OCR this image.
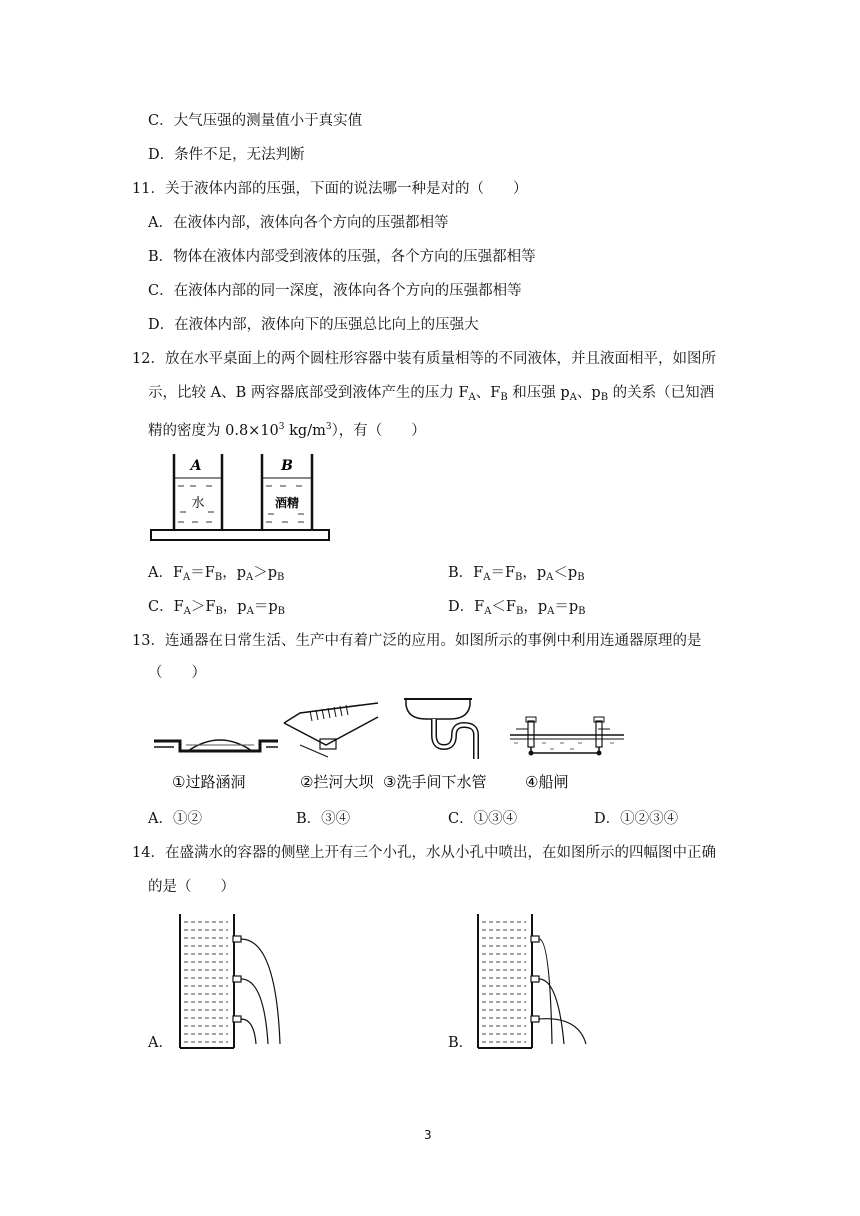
C．大气压强的测量值小于真实值
D．条件不足，无法判断
11．关于液体内部的压强，下面的说法哪一种是对的（　　）
A．在液体内部，液体向各个方向的压强都相等
B．物体在液体内部受到液体的压强，各个方向的压强都相等
C．在液体内部的同一深度，液体向各个方向的压强都相等
D．在液体内部，液体向下的压强总比向上的压强大
12．放在水平桌面上的两个圆柱形容器中装有质量相等的不同液体，并且液面相平，如图所
示，比较 A、B 两容器底部受到液体产生的压力 $F_A$、$F_B$ 和压强 $p_A$、$p_B$ 的关系（已知酒
精的密度为 $0.8\times 10^3$ $kg/m^3$），有（　　）
A
水
B
酒精
A．$F_A=F_B$，$p_A>p_B$	B．$F_A=F_B$，$p_A<p_B$
C．$F_A>F_B$，$p_A=p_B$	D．$F_A<F_B$，$p_A=p_B$
13．连通器在日常生活、生产中有着广泛的应用。如图所示的事例中利用连通器原理的是
（　　）
①过路涵洞	②拦河大坝 ③洗手间下水管	④船闸
A．①②	B．③④	C．①③④	D．①②③④
14．在盛满水的容器的侧壁上开有三个小孔，水从小孔中喷出，在如图所示的四幅图中正确
的是（　　）
A．	B．
3
